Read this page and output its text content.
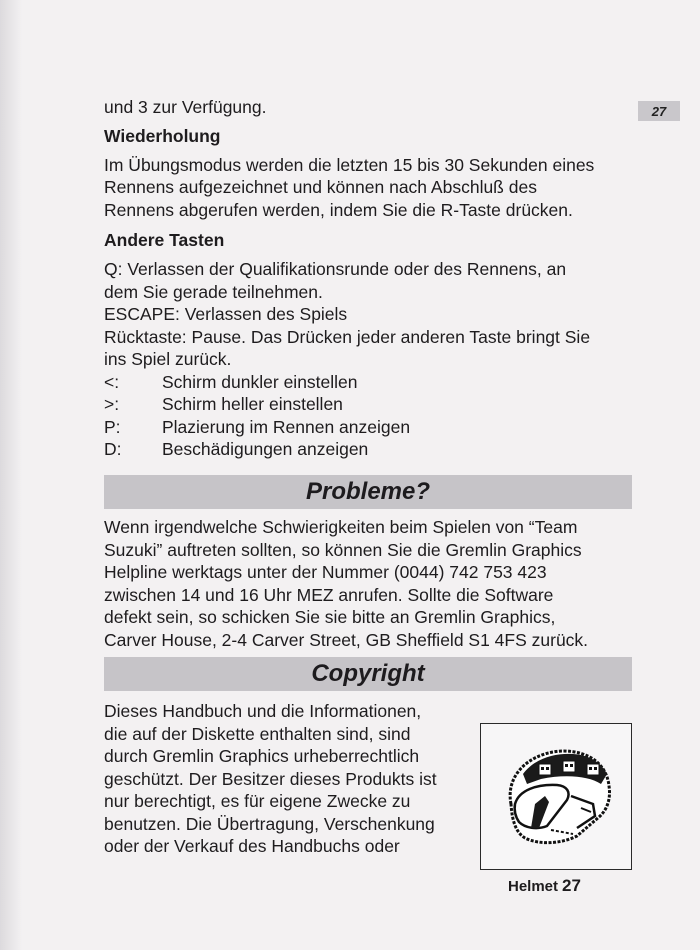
27

und 3 zur Verfügung.

Wiederholung

Im Übungsmodus werden die letzten 15 bis 30 Sekunden eines

Rennens aufgezeichnet und können nach Abschluß des

Rennens abgerufen werden, indem Sie die R-Taste drücken.

Andere Tasten

Q: Verlassen der Qualifikationsrunde oder des Rennens, an

dem Sie gerade teilnehmen.

ESCAPE: Verlassen des Spiels

Rücktaste: Pause. Das Drücken jeder anderen Taste bringt Sie

ins Spiel zurück.

<:	Schirm dunkler einstellen
>:	Schirm heller einstellen
P:	Plazierung im Rennen anzeigen
D:	Beschädigungen anzeigen
Probleme?

Wenn irgendwelche Schwierigkeiten beim Spielen von “Team

Suzuki” auftreten sollten, so können Sie die Gremlin Graphics

Helpline werktags unter der Nummer (0044) 742 753 423

zwischen 14 und 16 Uhr MEZ anrufen. Sollte die Software

defekt sein, so schicken Sie sie bitte an Gremlin Graphics,

Carver House, 2-4 Carver Street, GB Sheffield S1 4FS zurück.

Copyright

Dieses Handbuch und die Informationen,

die auf der Diskette enthalten sind, sind

durch Gremlin Graphics urheberrechtlich

geschützt. Der Besitzer dieses Produkts ist

nur berechtigt, es für eigene Zwecke zu

benutzen. Die Übertragung, Verschenkung

oder der Verkauf des Handbuchs oder

Helmet 27
